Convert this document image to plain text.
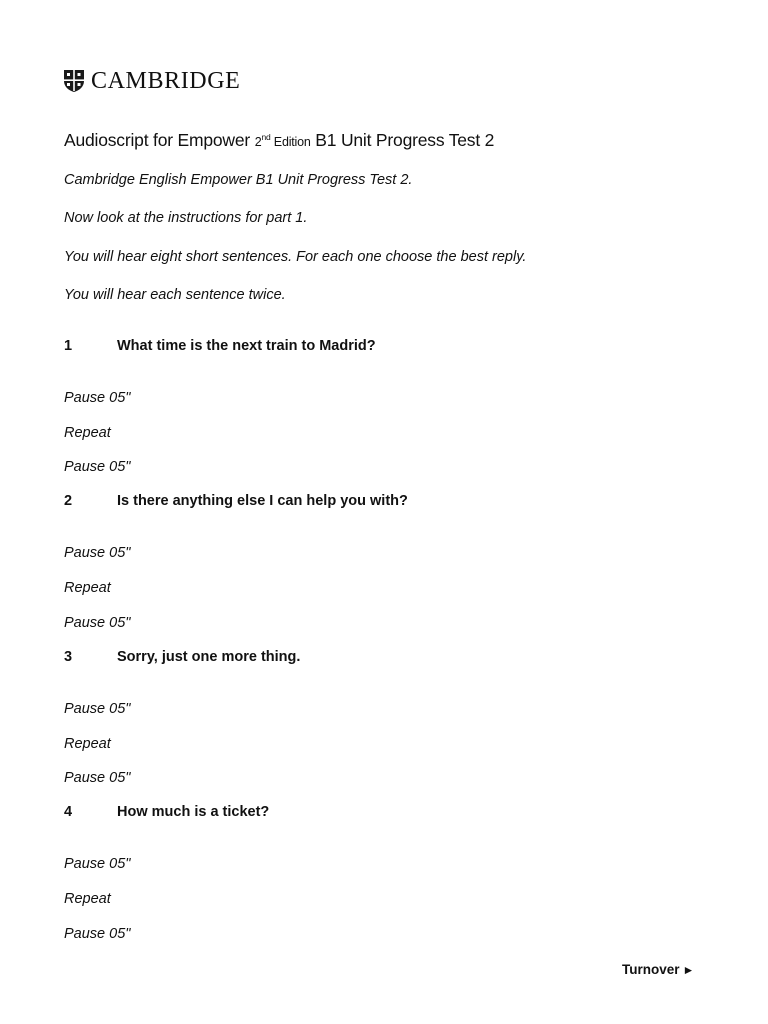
CAMBRIDGE
Audioscript for Empower 2nd Edition B1 Unit Progress Test 2
Cambridge English Empower B1 Unit Progress Test 2.
Now look at the instructions for part 1.
You will hear eight short sentences. For each one choose the best reply.
You will hear each sentence twice.
1	What time is the next train to Madrid?
Pause 05"
Repeat
Pause 05"
2	Is there anything else I can help you with?
Pause 05"
Repeat
Pause 05"
3	Sorry, just one more thing.
Pause 05"
Repeat
Pause 05"
4	How much is a ticket?
Pause 05"
Repeat
Pause 05"
Turnover ►
